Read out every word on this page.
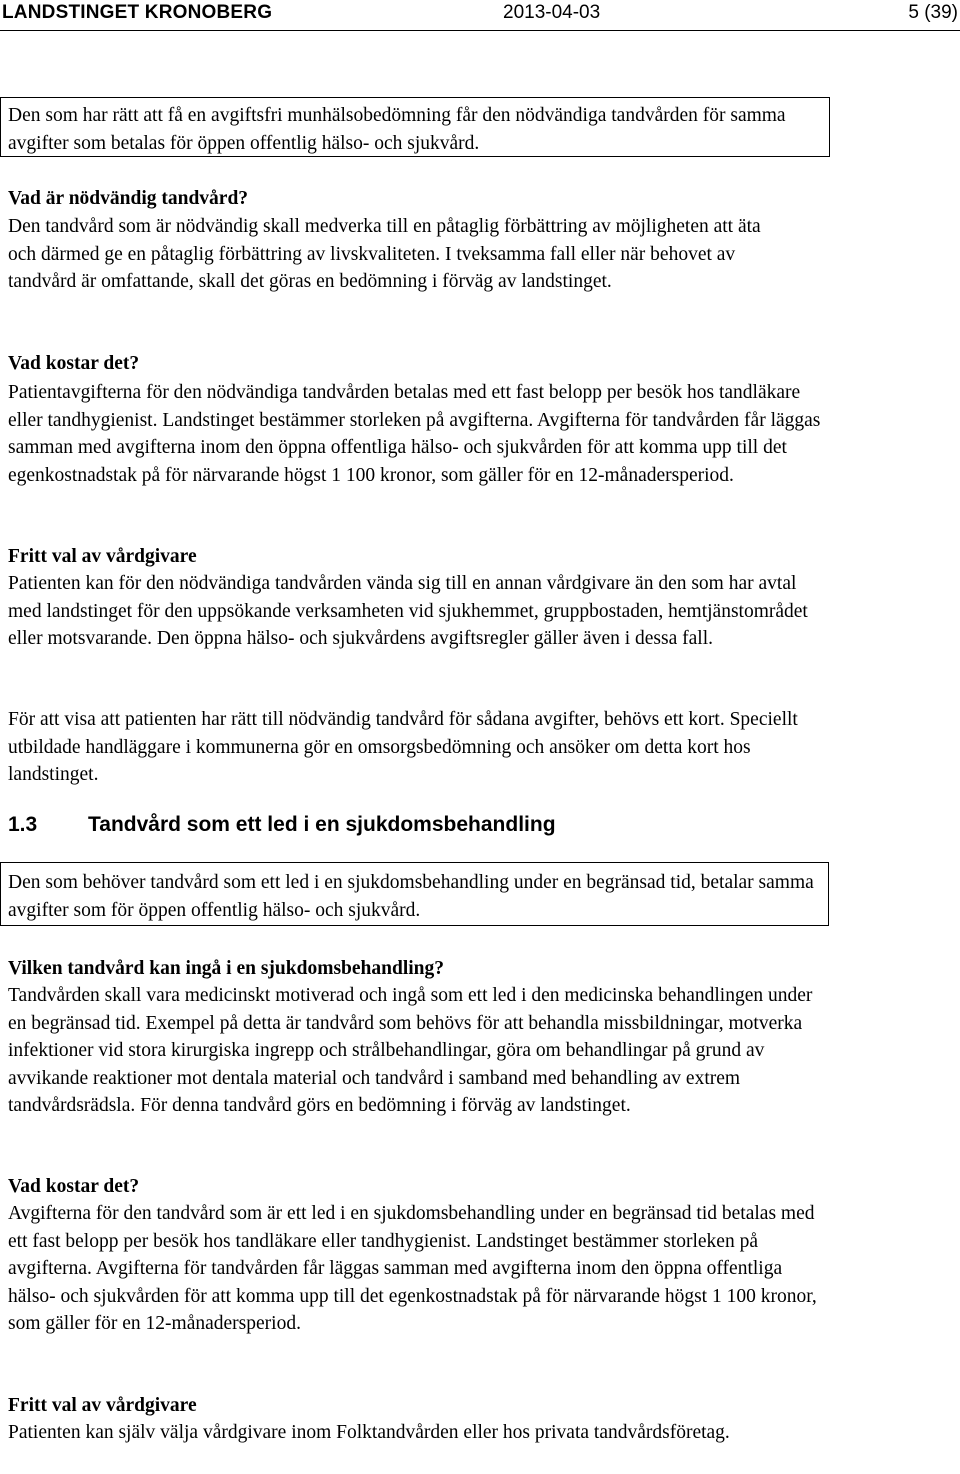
LANDSTINGET KRONOBERG	2013-04-03	5 (39)

Den som har rätt att få en avgiftsfri munhälsobedömning får den nödvändiga tandvården för samma avgifter som betalas för öppen offentlig hälso- och sjukvård.

Vad är nödvändig tandvård?

Den tandvård som är nödvändig skall medverka till en påtaglig förbättring av möjligheten att äta och därmed ge en påtaglig förbättring av livskvaliteten. I tveksamma fall eller när behovet av tandvård är omfattande, skall det göras en bedömning i förväg av landstinget.

Vad kostar det?

Patientavgifterna för den nödvändiga tandvården betalas med ett fast belopp per besök hos tandläkare eller tandhygienist. Landstinget bestämmer storleken på avgifterna. Avgifterna för tandvården får läggas samman med avgifterna inom den öppna offentliga hälso- och sjukvården för att komma upp till det egenkostnadstak på för närvarande högst 1 100 kronor, som gäller för en 12-månadersperiod.

Fritt val av vårdgivare

Patienten kan för den nödvändiga tandvården vända sig till en annan vårdgivare än den som har avtal med landstinget för den uppsökande verksamheten vid sjukhemmet, gruppbostaden, hemtjänstområdet eller motsvarande. Den öppna hälso- och sjukvårdens avgiftsregler gäller även i dessa fall.

För att visa att patienten har rätt till nödvändig tandvård för sådana avgifter, behövs ett kort. Speciellt utbildade handläggare i kommunerna gör en omsorgsbedömning och ansöker om detta kort hos landstinget.

1.3 Tandvård som ett led i en sjukdomsbehandling

Den som behöver tandvård som ett led i en sjukdomsbehandling under en begränsad tid, betalar samma avgifter som för öppen offentlig hälso- och sjukvård.

Vilken tandvård kan ingå i en sjukdomsbehandling?

Tandvården skall vara medicinskt motiverad och ingå som ett led i den medicinska behandlingen under en begränsad tid. Exempel på detta är tandvård som behövs för att behandla missbildningar, motverka infektioner vid stora kirurgiska ingrepp och strålbehandlingar, göra om behandlingar på grund av avvikande reaktioner mot dentala material och tandvård i samband med behandling av extrem tandvårdsrädsla. För denna tandvård görs en bedömning i förväg av landstinget.

Vad kostar det?

Avgifterna för den tandvård som är ett led i en sjukdomsbehandling under en begränsad tid betalas med ett fast belopp per besök hos tandläkare eller tandhygienist. Landstinget bestämmer storleken på avgifterna. Avgifterna för tandvården får läggas samman med avgifterna inom den öppna offentliga hälso- och sjukvården för att komma upp till det egenkostnadstak på för närvarande högst 1 100 kronor, som gäller för en 12-månadersperiod.

Fritt val av vårdgivare

Patienten kan själv välja vårdgivare inom Folktandvården eller hos privata tandvårdsföretag.
